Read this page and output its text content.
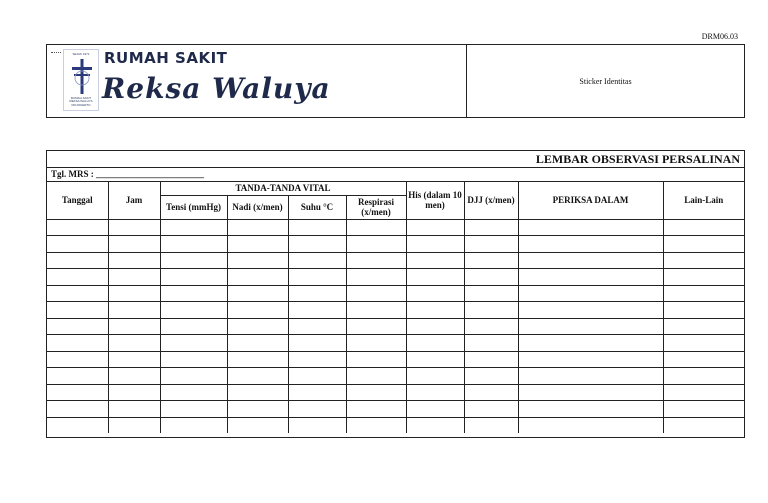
DRM06.03
SEJAK 1971
RUMAH SAKIT
REKSA WALUYA
MOJOKERTO
RUMAH SAKIT
Reksa Waluya	Sticker Identitas
LEMBAR OBSERVASI PERSALINAN
Tgl. MRS : ________________________
Tanggal	Jam	TANDA-TANDA VITAL				His (dalam 10 men)	DJJ (x/men)	PERIKSA DALAM	Lain-Lain
		Tensi (mmHg)	Nadi (x/men)	Suhu °C	Respirasi (x/men)				
